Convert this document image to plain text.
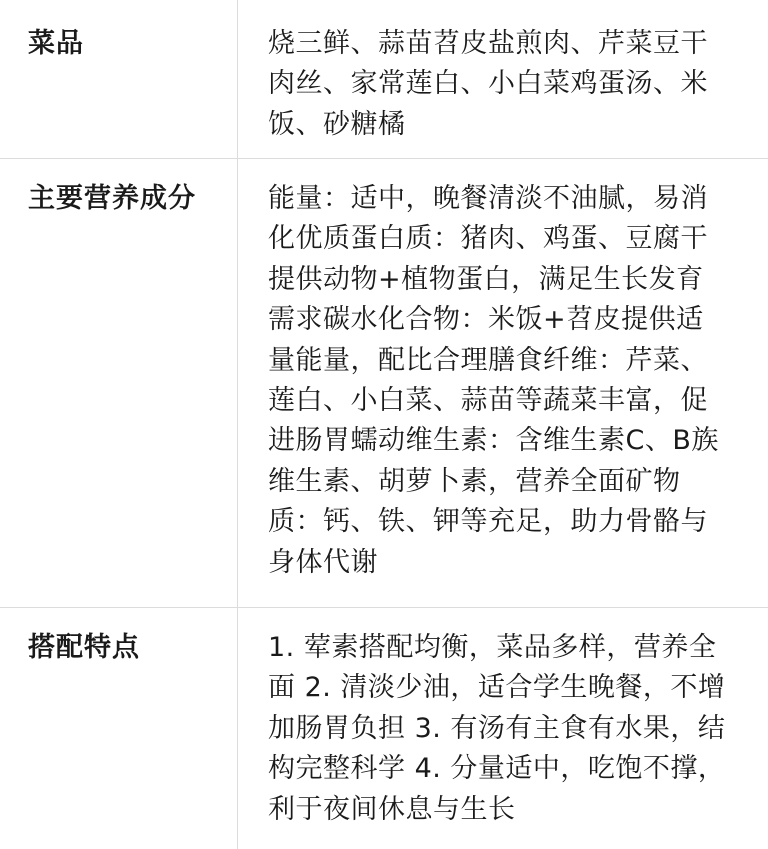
菜品	烧三鲜、蒜苗苕皮盐煎肉、芹菜豆干肉丝、家常莲白、小白菜鸡蛋汤、米饭、砂糖橘
主要营养成分	能量：适中，晚餐清淡不油腻，易消化优质蛋白质：猪肉、鸡蛋、豆腐干提供动物+植物蛋白，满足生长发育需求碳水化合物：米饭+苕皮提供适量能量，配比合理膳食纤维：芹菜、莲白、小白菜、蒜苗等蔬菜丰富，促进肠胃蠕动维生素：含维生素C、B族维生素、胡萝卜素，营养全面矿物质：钙、铁、钾等充足，助力骨骼与身体代谢
搭配特点	1. 荤素搭配均衡，菜品多样，营养全面 2. 清淡少油，适合学生晚餐，不增加肠胃负担 3. 有汤有主食有水果，结构完整科学 4. 分量适中，吃饱不撑，利于夜间休息与生长
